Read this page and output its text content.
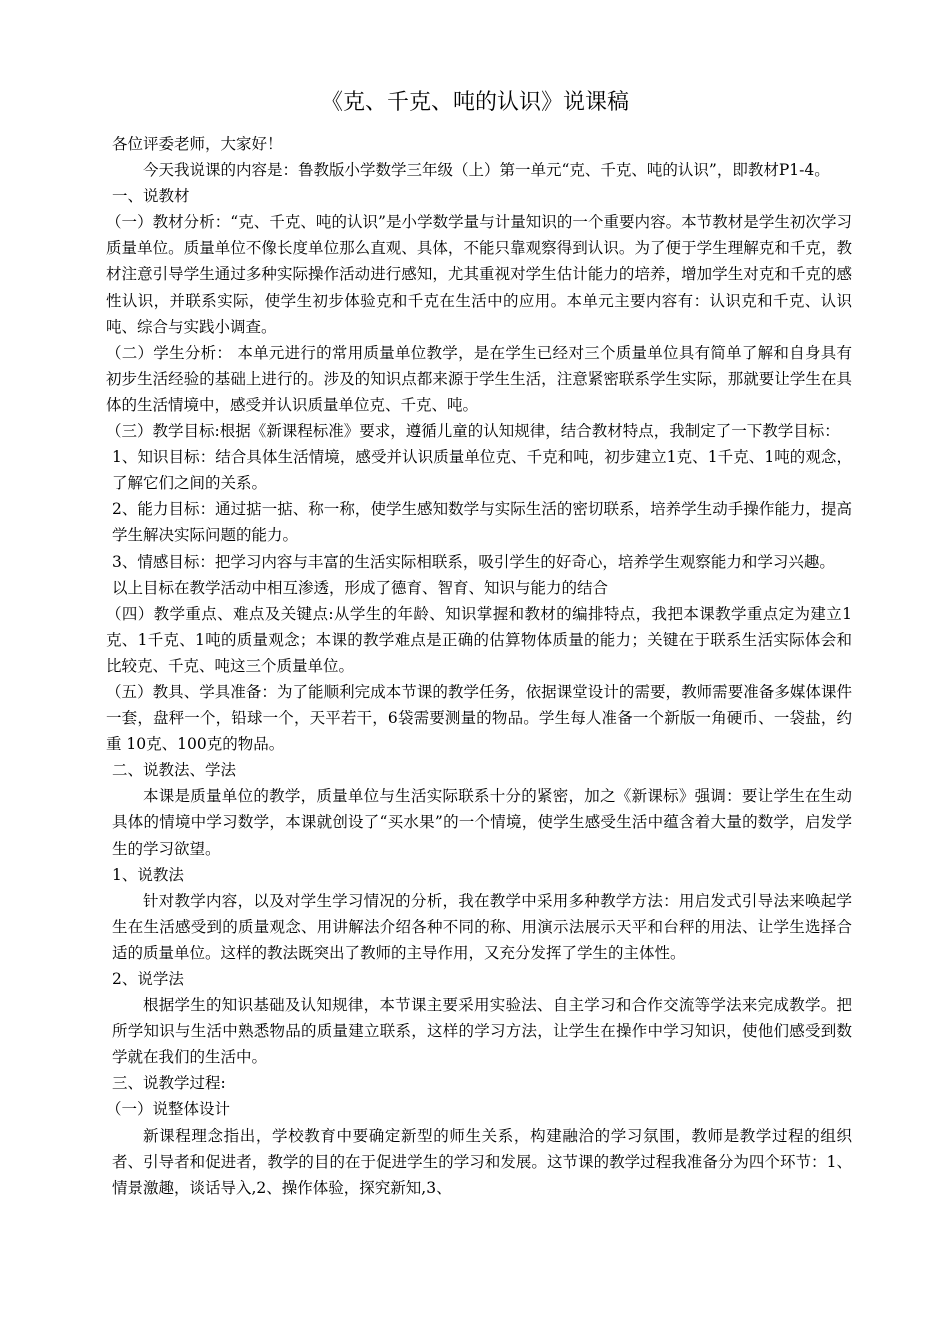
《克、千克、吨的认识》说课稿

各位评委老师，大家好！

今天我说课的内容是：鲁教版小学数学三年级（上）第一单元“克、千克、吨的认识”，即教材P1-4。

一、说教材

（一）教材分析：“克、千克、吨的认识”是小学数学量与计量知识的一个重要内容。本节教材是学生初次学习质量单位。质量单位不像长度单位那么直观、具体，不能只靠观察得到认识。为了便于学生理解克和千克，教材注意引导学生通过多种实际操作活动进行感知，尤其重视对学生估计能力的培养，增加学生对克和千克的感性认识，并联系实际，使学生初步体验克和千克在生活中的应用。本单元主要内容有：认识克和千克、认识吨、综合与实践小调查。

（二）学生分析： 本单元进行的常用质量单位教学，是在学生已经对三个质量单位具有简单了解和自身具有初步生活经验的基础上进行的。涉及的知识点都来源于学生生活，注意紧密联系学生实际，那就要让学生在具体的生活情境中，感受并认识质量单位克、千克、吨。

（三）教学目标:根据《新课程标准》要求，遵循儿童的认知规律，结合教材特点，我制定了一下教学目标：

1、知识目标：结合具体生活情境，感受并认识质量单位克、千克和吨，初步建立1克、1千克、1吨的观念，了解它们之间的关系。

2、能力目标：通过掂一掂、称一称，使学生感知数学与实际生活的密切联系，培养学生动手操作能力，提高学生解决实际问题的能力。

3、情感目标：把学习内容与丰富的生活实际相联系，吸引学生的好奇心，培养学生观察能力和学习兴趣。

以上目标在教学活动中相互渗透，形成了德育、智育、知识与能力的结合

（四）教学重点、难点及关键点:从学生的年龄、知识掌握和教材的编排特点，我把本课教学重点定为建立1克、1千克、1吨的质量观念；本课的教学难点是正确的估算物体质量的能力；关键在于联系生活实际体会和比较克、千克、吨这三个质量单位。

（五）教具、学具准备：为了能顺利完成本节课的教学任务，依据课堂设计的需要，教师需要准备多媒体课件一套，盘秤一个，铅球一个，天平若干，6袋需要测量的物品。学生每人准备一个新版一角硬币、一袋盐，约重 10克、100克的物品。

二、说教法、学法

本课是质量单位的教学，质量单位与生活实际联系十分的紧密，加之《新课标》强调：要让学生在生动具体的情境中学习数学，本课就创设了“买水果”的一个情境，使学生感受生活中蕴含着大量的数学，启发学生的学习欲望。

1、说教法

针对教学内容，以及对学生学习情况的分析，我在教学中采用多种教学方法：用启发式引导法来唤起学生在生活感受到的质量观念、用讲解法介绍各种不同的称、用演示法展示天平和台秤的用法、让学生选择合适的质量单位。这样的教法既突出了教师的主导作用，又充分发挥了学生的主体性。

2、说学法

根据学生的知识基础及认知规律，本节课主要采用实验法、自主学习和合作交流等学法来完成教学。把所学知识与生活中熟悉物品的质量建立联系，这样的学习方法，让学生在操作中学习知识，使他们感受到数学就在我们的生活中。

三、说教学过程:

（一）说整体设计

新课程理念指出，学校教育中要确定新型的师生关系，构建融洽的学习氛围，教师是教学过程的组织者、引导者和促进者，教学的目的在于促进学生的学习和发展。这节课的教学过程我准备分为四个环节：1、情景激趣，谈话导入,2、操作体验，探究新知,3、
